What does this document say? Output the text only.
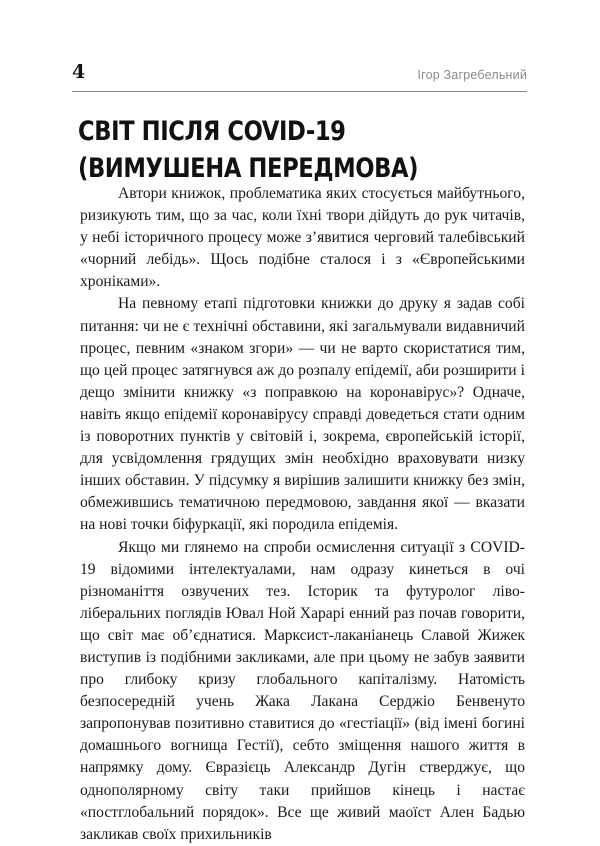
4	Ігор Загребельний
СВІТ ПІСЛЯ COVID-19
(ВИМУШЕНА ПЕРЕДМОВА)

Автори книжок, проблематика яких стосується майбутнього, ризикують тим, що за час, коли їхні твори дійдуть до рук читачів, у небі історичного процесу може з’явитися черговий талебівський «чорний лебідь». Щось подібне сталося і з «Європейськими хроніками».

На певному етапі підготовки книжки до друку я задав собі питання: чи не є технічні обставини, які загальмували видавничий процес, певним «знаком згори» — чи не варто скористатися тим, що цей процес затягнувся аж до розпалу епідемії, аби розширити і дещо змінити книжку «з поправкою на коронавірус»? Одначе, навіть якщо епідемії коронавірусу справді доведеться стати одним із поворотних пунктів у світовій і, зокрема, європейській історії, для усвідомлення грядущих змін необхідно враховувати низку інших обставин. У підсумку я вирішив залишити книжку без змін, обмежившись тематичною передмовою, завдання якої — вказати на нові точки біфуркації, які породила епідемія.

Якщо ми глянемо на спроби осмислення ситуації з COVID-19 відомими інтелектуалами, нам одразу кинеться в очі різноманіття озвучених тез. Історик та футуролог ліво-ліберальних поглядів Ювал Ной Харарі енний раз почав говорити, що світ має об’єднатися. Марксист-лаканіанець Славой Жижек виступив із подібними закликами, але при цьому не забув заявити про глибоку кризу глобального капіталізму. Натомість безпосередній учень Жака Лакана Серджіо Бенвенуто запропонував позитивно ставитися до «гестіації» (від імені богині домашнього вогнища Гестії), себто зміщення нашого життя в напрямку дому. Євразієць Александр Дугін стверджує, що однополярному світу таки прийшов кінець і настає «постглобальний порядок». Все ще живий маоїст Ален Бадью закликав своїх прихильників
